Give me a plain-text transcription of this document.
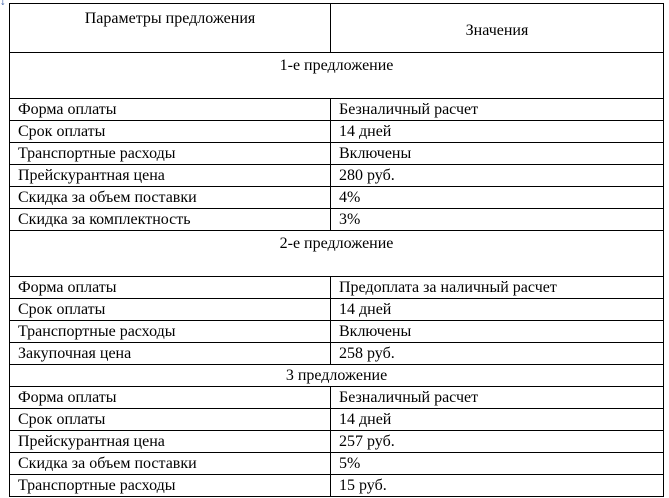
↓
Параметры предложения	Значения
1-е предложение	
Форма оплаты	Безналичный расчет
Срок оплаты	14 дней
Транспортные расходы	Включены
Прейскурантная цена	280 руб.
Скидка за объем поставки	4%
Скидка за комплектность	3%
2-е предложение	
Форма оплаты	Предоплата за наличный расчет
Срок оплаты	14 дней
Транспортные расходы	Включены
Закупочная цена	258 руб.
3 предложение	
Форма оплаты	Безналичный расчет
Срок оплаты	14 дней
Прейскурантная цена	257 руб.
Скидка за объем поставки	5%
Транспортные расходы	15 руб.
